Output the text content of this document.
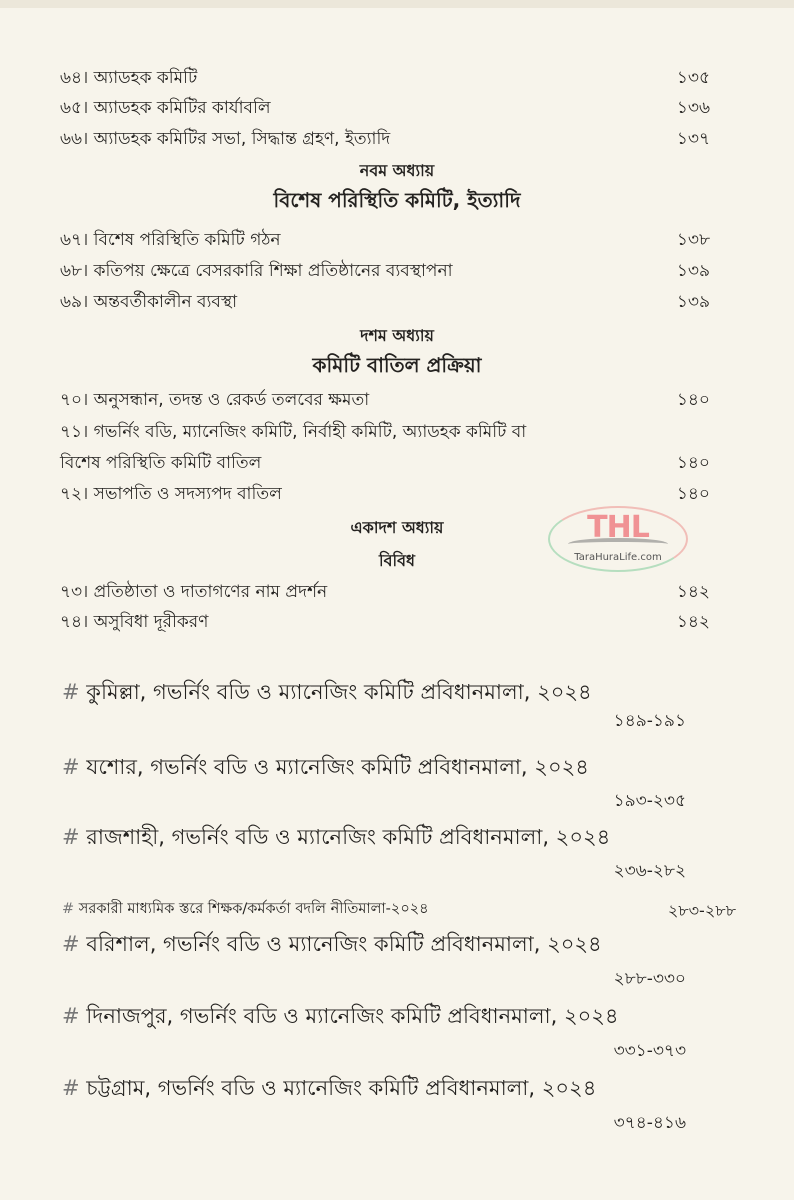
৬৪। অ্যাডহক কমিটি	১৩৫
৬৫। অ্যাডহক কমিটির কার্যাবলি	১৩৬
৬৬। অ্যাডহক কমিটির সভা, সিদ্ধান্ত গ্রহণ, ইত্যাদি	১৩৭
নবম অধ্যায়
বিশেষ পরিস্থিতি কমিটি, ইত্যাদি
৬৭। বিশেষ পরিস্থিতি কমিটি গঠন	১৩৮
৬৮। কতিপয় ক্ষেত্রে বেসরকারি শিক্ষা প্রতিষ্ঠানের ব্যবস্থাপনা	১৩৯
৬৯। অন্তবর্তীকালীন ব্যবস্থা	১৩৯
দশম অধ্যায়
কমিটি বাতিল প্রক্রিয়া
৭০। অনুসন্ধান, তদন্ত ও রেকর্ড তলবের ক্ষমতা	১৪০
৭১। গভর্নিং বডি, ম্যানেজিং কমিটি, নির্বাহী কমিটি, অ্যাডহক কমিটি বা
বিশেষ পরিস্থিতি কমিটি বাতিল	১৪০
৭২। সভাপতি ও সদস্যপদ বাতিল	১৪০
THL
TaraHuraLife.com
একাদশ অধ্যায়
বিবিধ
৭৩। প্রতিষ্ঠাতা ও দাতাগণের নাম প্রদর্শন	১৪২
৭৪। অসুবিধা দূরীকরণ	১৪২
# কুমিল্লা, গভর্নিং বডি ও ম্যানেজিং কমিটি প্রবিধানমালা, ২০২৪
১৪৯-১৯১
# যশোর, গভর্নিং বডি ও ম্যানেজিং কমিটি প্রবিধানমালা, ২০২৪
১৯৩-২৩৫
# রাজশাহী, গভর্নিং বডি ও ম্যানেজিং কমিটি প্রবিধানমালা, ২০২৪
২৩৬-২৮২
# সরকারী মাধ্যমিক স্তরে শিক্ষক/কর্মকর্তা বদলি নীতিমালা-২০২৪	২৮৩-২৮৮
# বরিশাল, গভর্নিং বডি ও ম্যানেজিং কমিটি প্রবিধানমালা, ২০২৪
২৮৮-৩৩০
# দিনাজপুর, গভর্নিং বডি ও ম্যানেজিং কমিটি প্রবিধানমালা, ২০২৪
৩৩১-৩৭৩
# চট্টগ্রাম, গভর্নিং বডি ও ম্যানেজিং কমিটি প্রবিধানমালা, ২০২৪
৩৭৪-৪১৬
